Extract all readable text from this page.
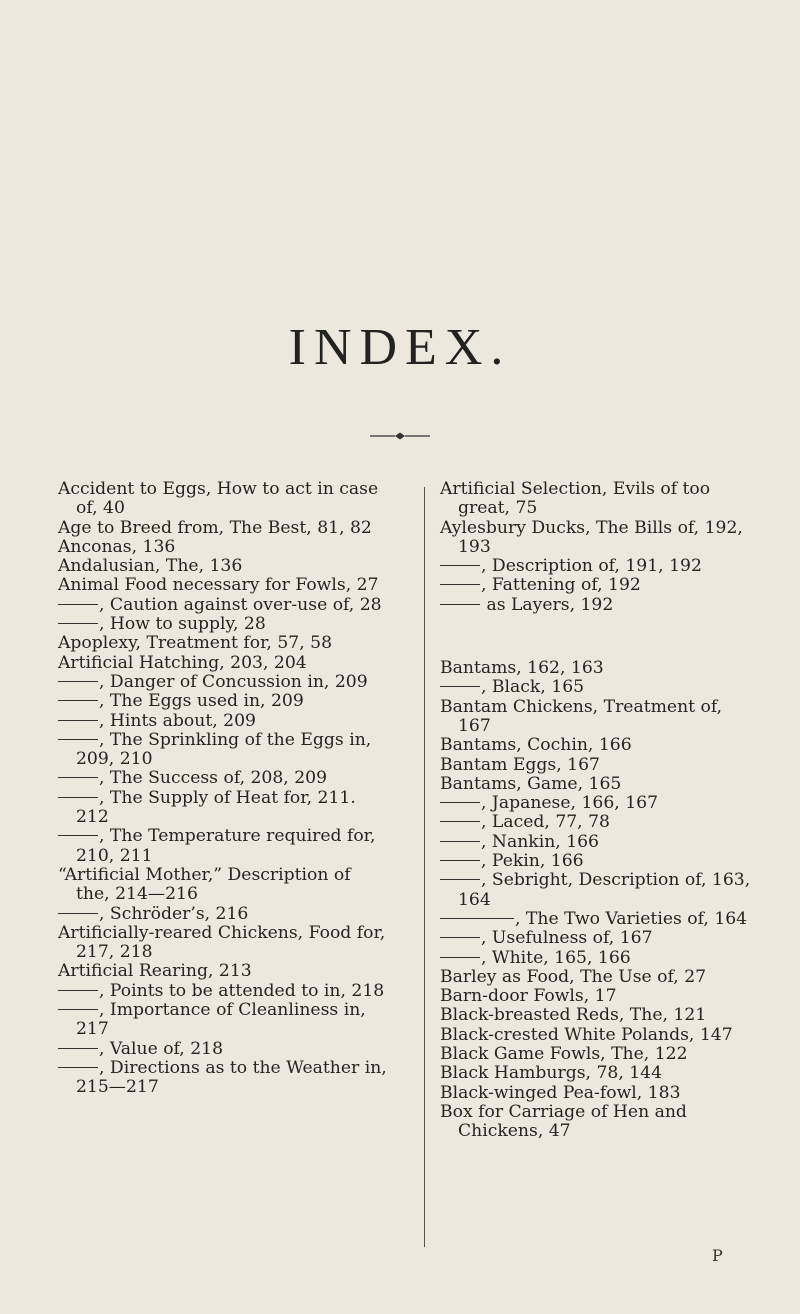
INDEX.
Accident to Eggs, How to act in case of, 40
Age to Breed from, The Best, 81, 82
Anconas, 136
Andalusian, The, 136
Animal Food necessary for Fowls, 27
, Caution against over-use of, 28
, How to supply, 28
Apoplexy, Treatment for, 57, 58
Artificial Hatching, 203, 204
, Danger of Concussion in, 209
, The Eggs used in, 209
, Hints about, 209
, The Sprinkling of the Eggs in, 209, 210
, The Success of, 208, 209
, The Supply of Heat for, 211. 212
, The Temperature required for, 210, 211
“Artificial Mother,” Description of the, 214—216
, Schröder’s, 216
Artificially-reared Chickens, Food for, 217, 218
Artificial Rearing, 213
, Points to be attended to in, 218
, Importance of Cleanliness in, 217
, Value of, 218
, Directions as to the Weather in, 215—217
Artificial Selection, Evils of too great, 75
Aylesbury Ducks, The Bills of, 192, 193
, Description of, 191, 192
, Fattening of, 192
as Layers, 192
Bantams, 162, 163
, Black, 165
Bantam Chickens, Treatment of, 167
Bantams, Cochin, 166
Bantam Eggs, 167
Bantams, Game, 165
, Japanese, 166, 167
, Laced, 77, 78
, Nankin, 166
, Pekin, 166
, Sebright, Description of, 163, 164
, The Two Varieties of, 164
, Usefulness of, 167
, White, 165, 166
Barley as Food, The Use of, 27
Barn-door Fowls, 17
Black-breasted Reds, The, 121
Black-crested White Polands, 147
Black Game Fowls, The, 122
Black Hamburgs, 78, 144
Black-winged Pea-fowl, 183
Box for Carriage of Hen and Chickens, 47
P
